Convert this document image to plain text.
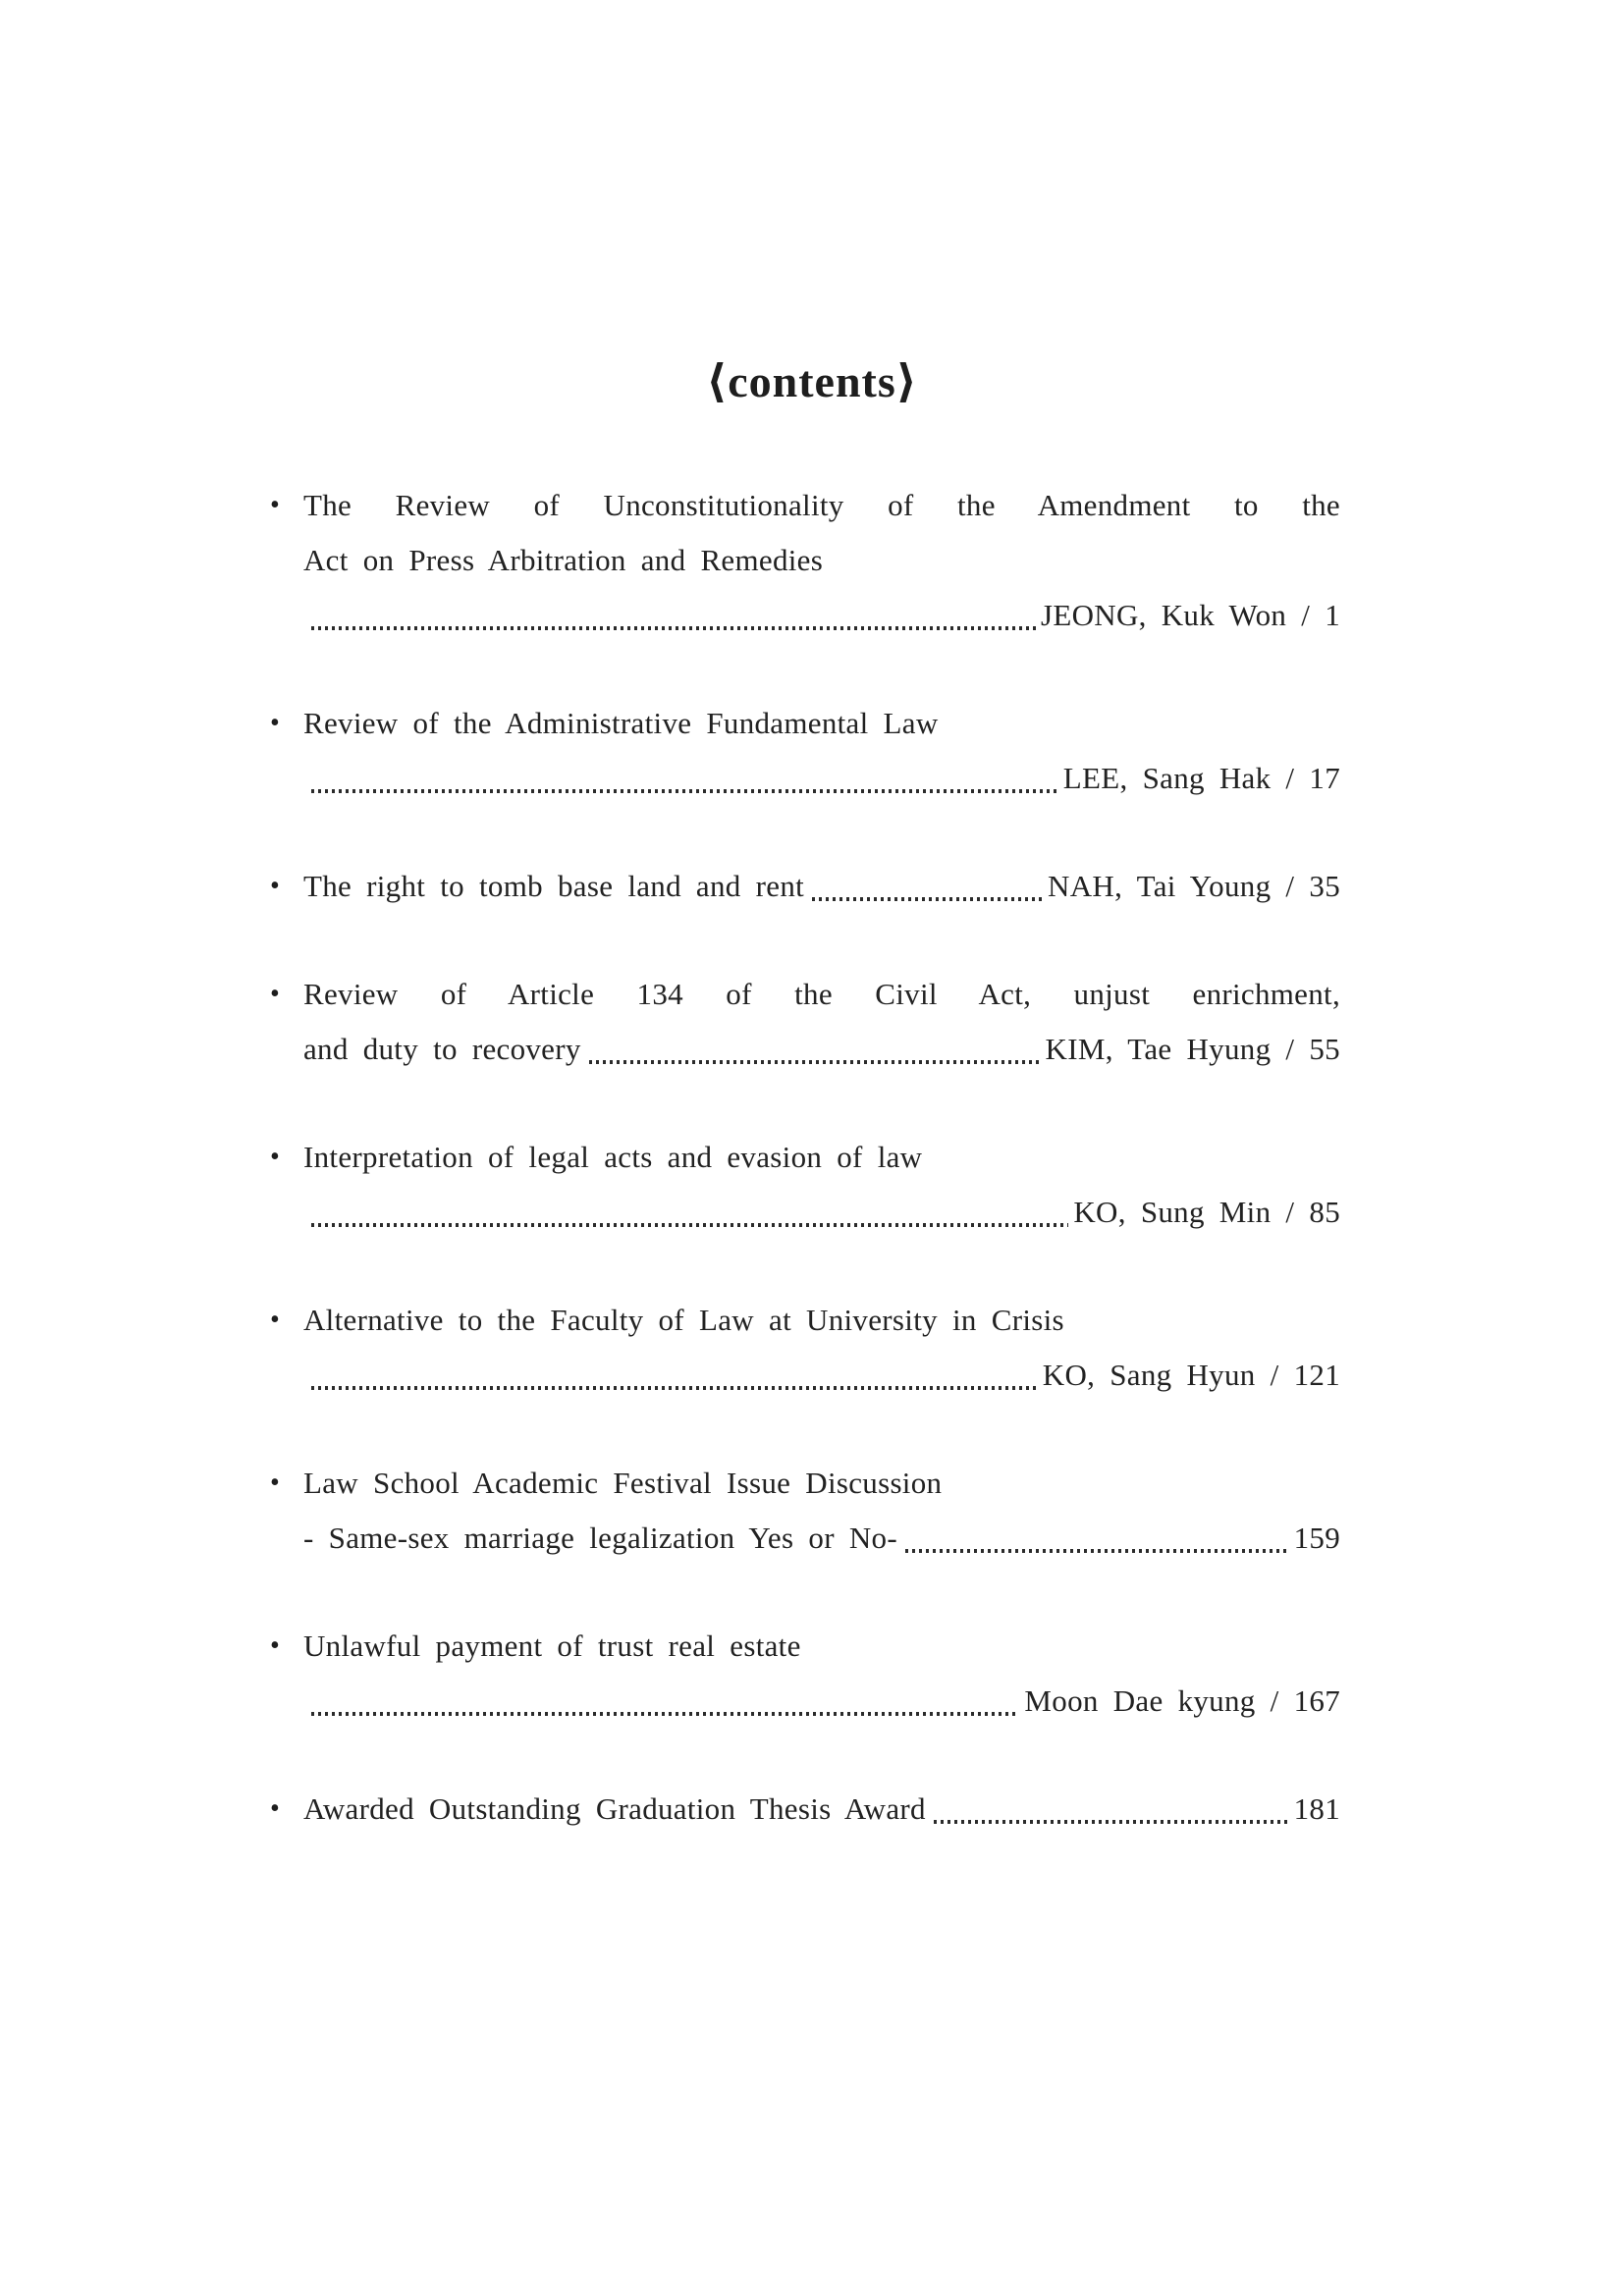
⟨contents⟩
• The Review of Unconstitutionality of the Amendment to the
Act on Press Arbitration and Remedies
JEONG, Kuk Won / 1
• Review of the Administrative Fundamental Law
LEE, Sang Hak / 17
• The right to tomb base land and rent	NAH, Tai Young / 35
• Review of Article 134 of the Civil Act, unjust enrichment,
and duty to recovery	KIM, Tae Hyung / 55
• Interpretation of legal acts and evasion of law
KO, Sung Min / 85
• Alternative to the Faculty of Law at University in Crisis
KO, Sang Hyun / 121
• Law School Academic Festival Issue Discussion
- Same-sex marriage legalization Yes or No-	159
• Unlawful payment of trust real estate
Moon Dae kyung / 167
• Awarded Outstanding Graduation Thesis Award	181
